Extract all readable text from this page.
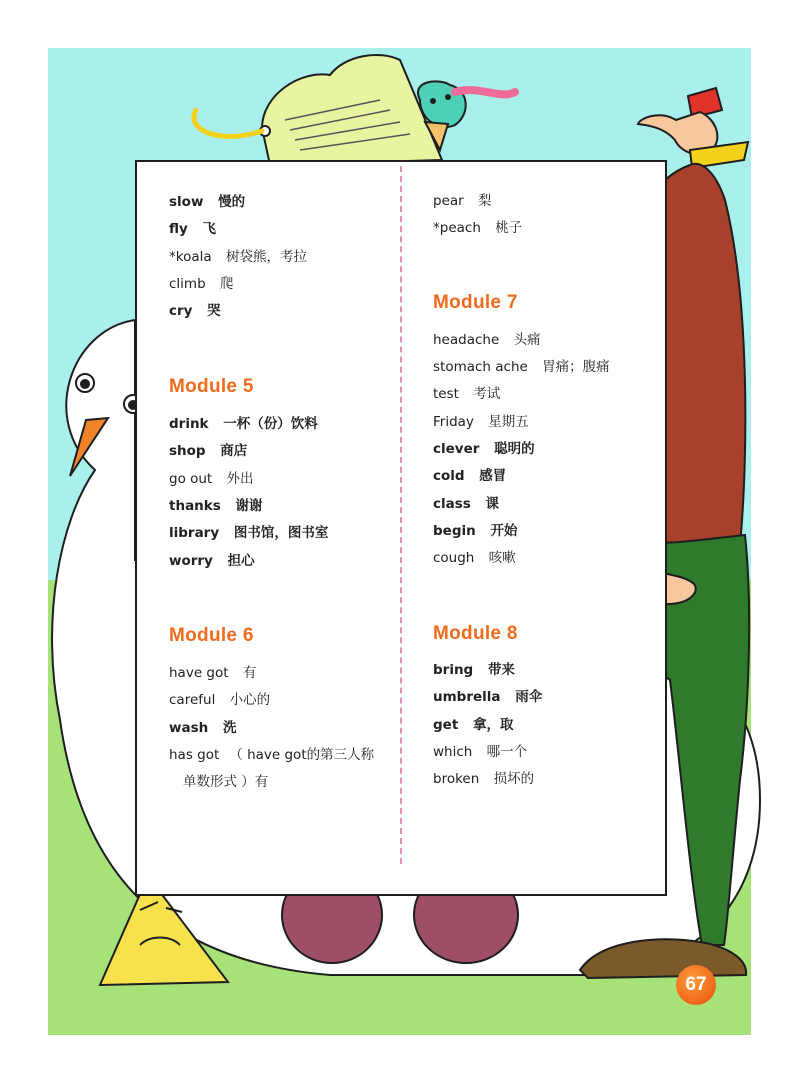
slow 慢的
fly 飞
*koala 树袋熊，考拉
climb 爬
cry 哭
Module 5
drink 一杯（份）饮料
shop 商店
go out 外出
thanks 谢谢
library 图书馆，图书室
worry 担心
Module 6
have got 有
careful 小心的
wash 洗
has got （ have got的第三人称
单数形式 ）有
pear 梨
*peach 桃子
Module 7
headache 头痛
stomach ache 胃痛；腹痛
test 考试
Friday 星期五
clever 聪明的
cold 感冒
class 课
begin 开始
cough 咳嗽
Module 8
bring 带来
umbrella 雨伞
get 拿，取
which 哪一个
broken 损坏的
67
